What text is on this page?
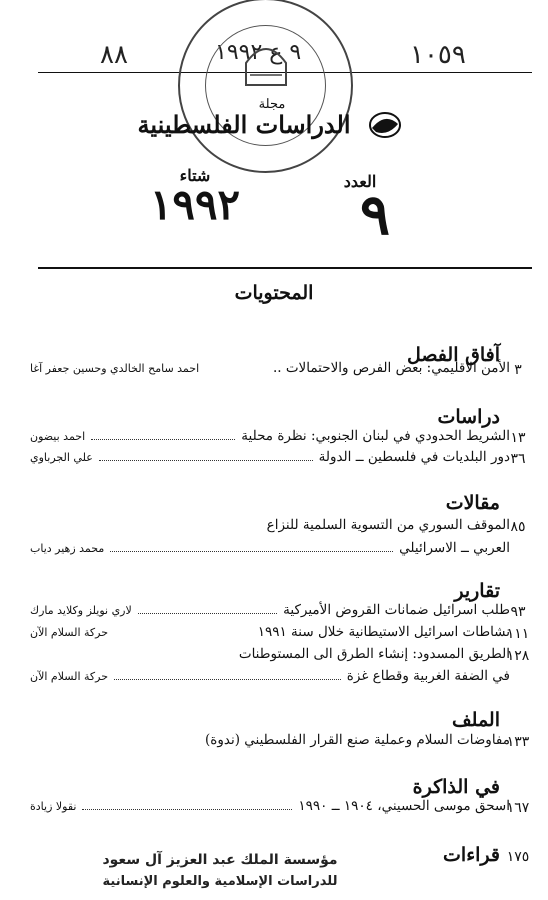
٨٨	٩ ع ١٩٩٢	١٠٥٩
مجلة
الدراسات الفلسطينية
العدد
٩
شتاء
١٩٩٢
المحتويات
آفاق الفصل
٣
الأمن الاقليمي: بعض الفرص والاحتمالات ..
احمد سامح الخالدي وحسين جعفر آغا
دراسات
١٣
الشريط الحدودي في لبنان الجنوبي: نظرة محلية
احمد بيضون
٣٦
دور البلديات في فلسطين ــ الدولة
علي الجرباوي
مقالات
٨٥
الموقف السوري من التسوية السلمية للنزاع
العربي ــ الاسرائيلي
محمد زهير دياب
تقارير
٩٣
طلب اسرائيل ضمانات القروض الأميركية
لاري نويلز وكلايد مارك
١١١
نشاطات اسرائيل الاستيطانية خلال سنة ١٩٩١
حركة السلام الآن
١٢٨
الطريق المسدود: إنشاء الطرق الى المستوطنات
في الضفة الغربية وقطاع غزة
حركة السلام الآن
الملف
١٣٣
مفاوضات السلام وعملية صنع القرار الفلسطيني (ندوة)
في الذاكرة
١٦٧
اسحق موسى الحسيني، ١٩٠٤ ــ ١٩٩٠
نقولا زيادة
قراءات ١٧٥
مؤسسة الملك عبد العزيز آل سعود
للدراسات الإسلامية والعلوم الإنسانية
